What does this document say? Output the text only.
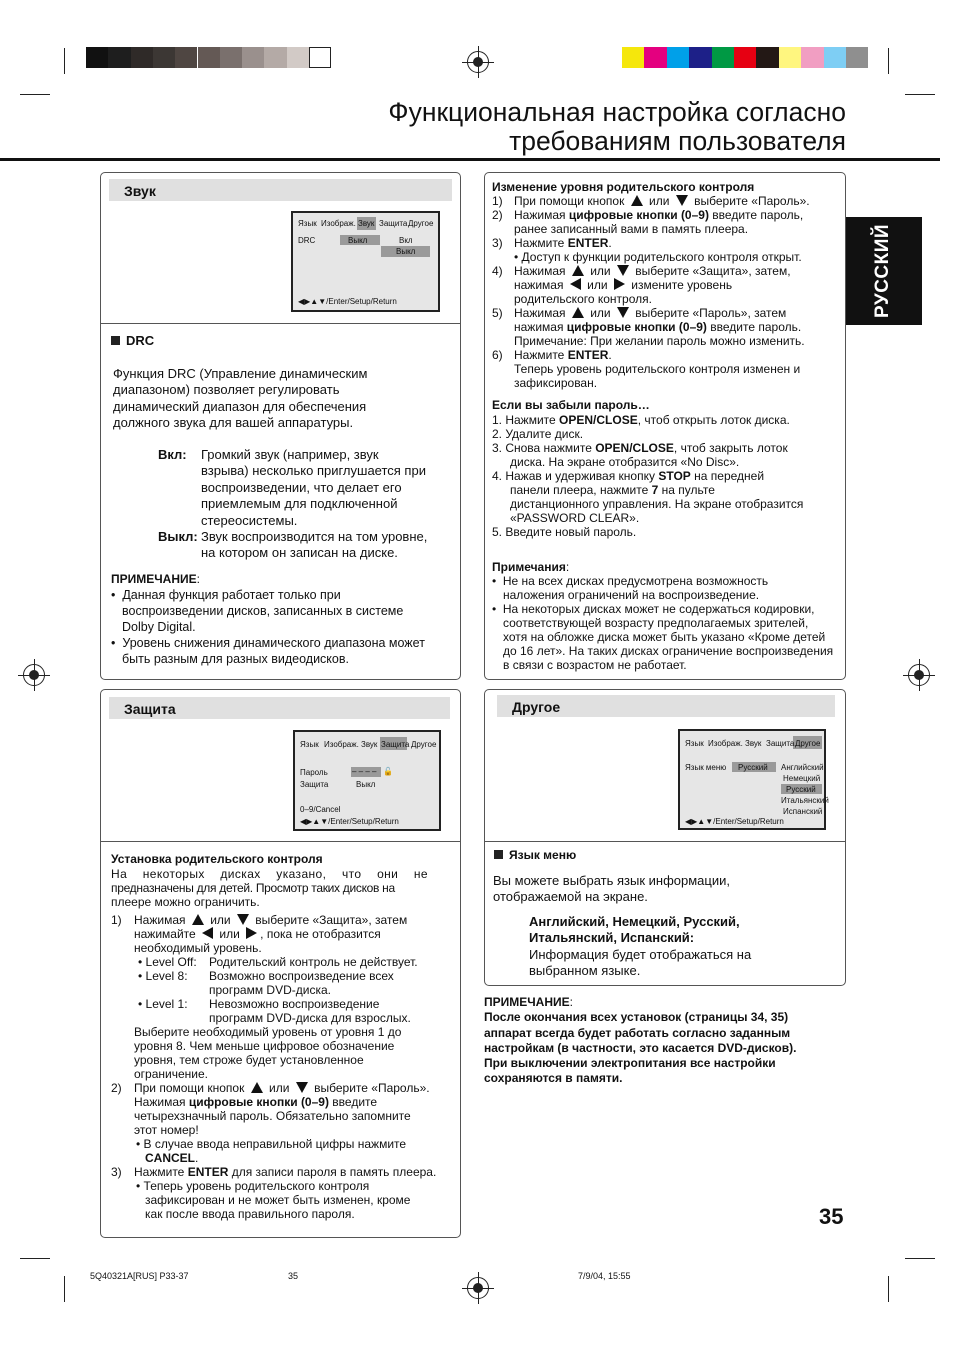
Функциональная настройка согласно
требованиям пользователя
РУССКИЙ
Звук
Язык Изображ. Звук Защита Другое
DRC	Выкл	Вкл
Выкл
◀▶▲▼/Enter/Setup/Return
DRC
Функция DRC (Управление динамическим
диапазоном) позволяет регулировать
динамический диапазон для обеспечения
должного звука для вашей аппаратуры.
Вкл: Громкий звук (например, звук
взрыва) несколько приглушается при
воспроизведении, что делает его
приемлемым для подключенной
стереосистемы.
Выкл: Звук воспроизводится на том уровне,
на котором он записан на диске.
ПРИМЕЧАНИЕ:
•  Данная функция работает только при
воспроизведении дисков, записанных в системе
Dolby Digital.
•  Уровень снижения динамического диапазона может
быть разным для разных видеодисков.
Защита
Язык Изображ. Звук Защита Другое
Пароль	– – – – 🔓
Защита	Выкл
0–9/Cancel
◀▶▲▼/Enter/Setup/Return
Установка родительского контроля
На некоторых дисках указано, что они не
предназначены для детей. Просмотр таких дисков на
плеере можно ограничить.
1) Нажимая или выберите «Защита», затем
нажимайте или , пока не отобразится
необходимый уровень.
• Level Off: Родительский контроль не действует.
• Level 8: Возможно воспроизведение всех
программ DVD-диска.
• Level 1: Невозможно воспроизведение
программ DVD-диска для взрослых.
Выберите необходимый уровень от уровня 1 до
уровня 8. Чем меньше цифровое обозначение
уровня, тем строже будет установленное
ограничение.
2) При помощи кнопок или выберите «Пароль».
Нажимая цифровые кнопки (0–9) введите
четырехзначный пароль. Обязательно запомните
этот номер!
• В случае ввода неправильной цифры нажмите
CANCEL.
3) Нажмите ENTER для записи пароля в память плеера.
• Теперь уровень родительского контроля
зафиксирован и не может быть изменен, кроме
как после ввода правильного пароля.
Изменение уровня родительского контроля
1) При помощи кнопок или выберите «Пароль».
2) Нажимая цифровые кнопки (0–9) введите пароль,
ранее записанный вами в память плеера.
3) Нажмите ENTER.
• Доступ к функции родительского контроля открыт.
4) Нажимая или выберите «Защита», затем,
нажимая или измените уровень
родительского контроля.
5) Нажимая или выберите «Пароль», затем
нажимая цифровые кнопки (0–9) введите пароль.
Примечание: При желании пароль можно изменить.
6) Нажмите ENTER.
Теперь уровень родительского контроля изменен и
зафиксирован.
Если вы забыли пароль…
1. Нажмите OPEN/CLOSE, чтоб открыть лоток диска.
2. Удалите диск.
3. Снова нажмите OPEN/CLOSE, чтоб закрыть лоток
диска. На экране отобразится «No Disc».
4. Нажав и удерживая кнопку STOP на передней
панели плеера, нажмите 7 на пульте
дистанционного управления. На экране отобразится
«PASSWORD CLEAR».
5. Введите новый пароль.
Примечания:
•  Не на всех дисках предусмотрена возможность
наложения ограничений на воспроизведение.
•  На некоторых дисках может не содержаться кодировки,
соответствующей возрасту предполагаемых зрителей,
хотя на обложке диска может быть указано «Кроме детей
до 16 лет». На таких дисках ограничение воспроизведения
в связи с возрастом не работает.
Другое
Язык Изображ. Звук Защита Другое
Язык меню Русский Английский
Немецкий
Русский
Итальянский
Испанский
◀▶▲▼/Enter/Setup/Return
Язык меню
Вы можете выбрать язык информации,
отображаемой на экране.
Английский, Немецкий, Русский,
Итальянский, Испанский:
Информация будет отображаться на
выбранном языке.
ПРИМЕЧАНИЕ:
После окончания всех установок (страницы 34, 35)
аппарат всегда будет работать согласно заданным
настройкам (в частности, это касается DVD-дисков).
При выключении электропитания все настройки
сохраняются в памяти.
35
5Q40321A[RUS] P33-37	35	7/9/04, 15:55
